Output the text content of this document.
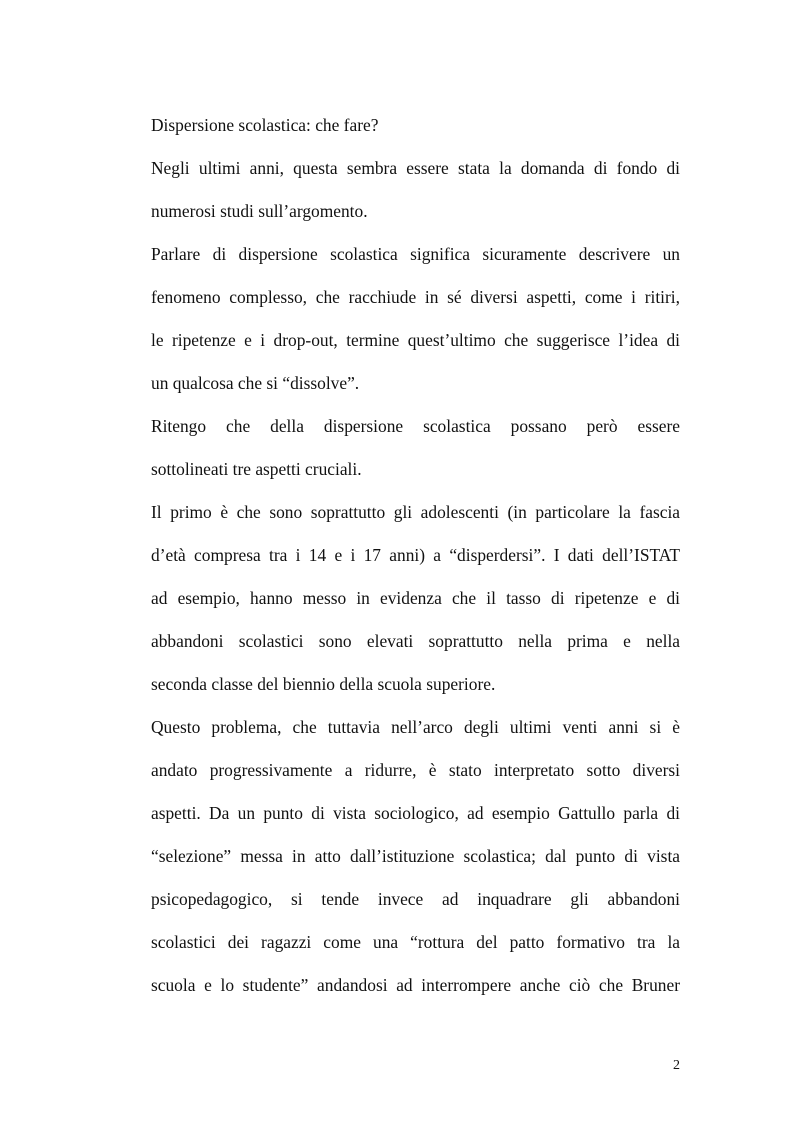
Dispersione scolastica: che fare?
Negli ultimi anni, questa sembra essere stata la domanda di fondo di
numerosi studi sull’argomento.
Parlare di dispersione scolastica significa sicuramente descrivere un
fenomeno complesso, che racchiude in sé diversi aspetti, come i ritiri,
le ripetenze e i drop-out, termine quest’ultimo che suggerisce l’idea di
un qualcosa che si “dissolve”.
Ritengo che della dispersione scolastica possano però essere
sottolineati tre aspetti cruciali.
Il primo è che sono soprattutto gli adolescenti (in particolare la fascia
d’età compresa tra i 14 e i 17 anni) a “disperdersi”. I dati dell’ISTAT
ad esempio, hanno messo in evidenza che il tasso di ripetenze e di
abbandoni scolastici sono elevati soprattutto nella prima e nella
seconda classe del biennio della scuola superiore.
Questo problema, che tuttavia nell’arco degli ultimi venti anni si è
andato progressivamente a ridurre, è stato interpretato sotto diversi
aspetti. Da un punto di vista sociologico, ad esempio Gattullo parla di
“selezione” messa in atto dall’istituzione scolastica; dal punto di vista
psicopedagogico, si tende invece ad inquadrare gli abbandoni
scolastici dei ragazzi come una “rottura del patto formativo tra la
scuola e lo studente” andandosi ad interrompere anche ciò che Bruner
2
